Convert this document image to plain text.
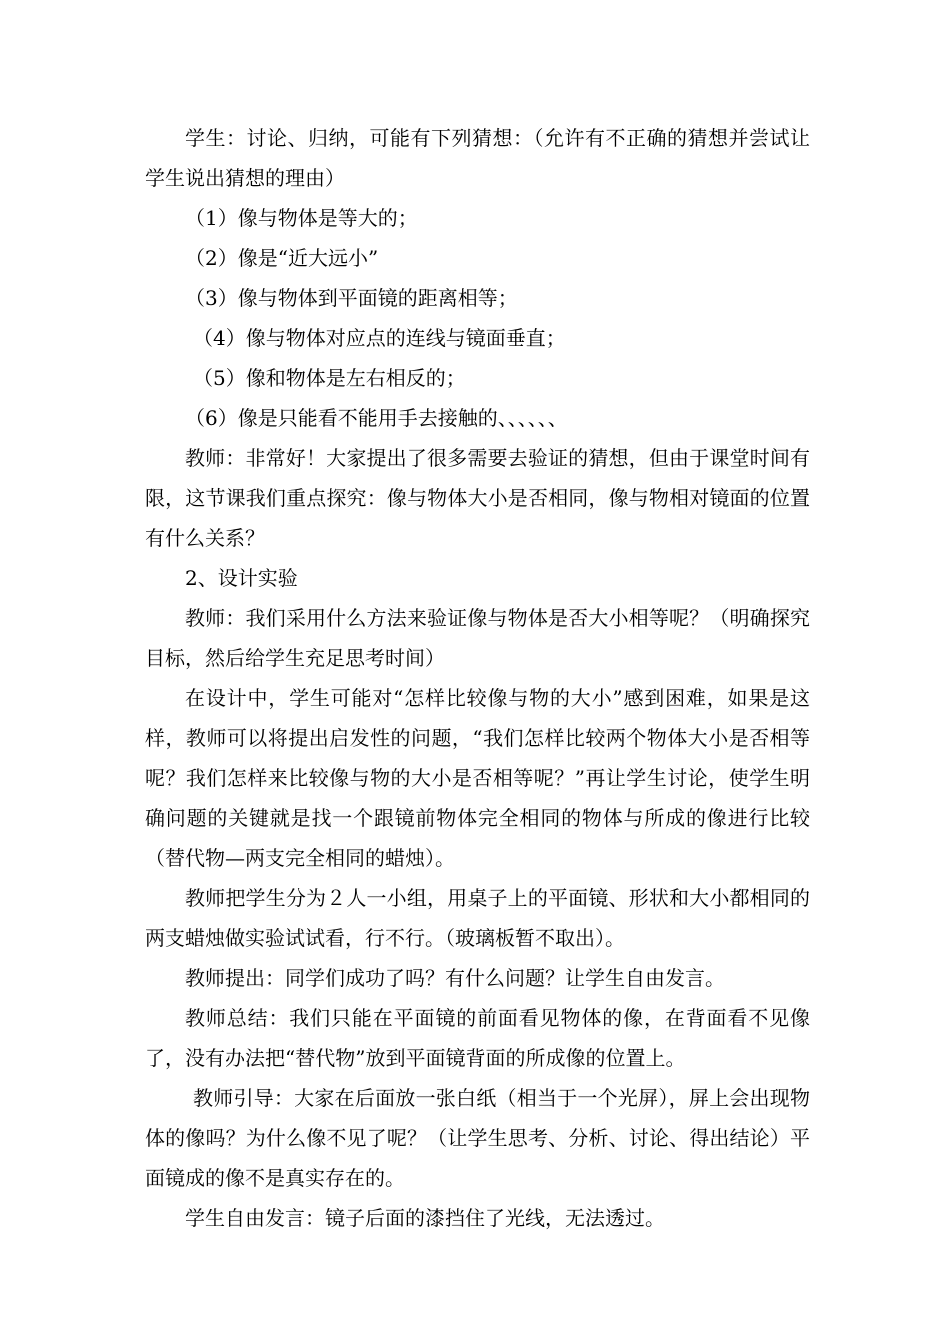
学生：讨论、归纳，可能有下列猜想：（允许有不正确的猜想并尝试让学生说出猜想的理由）

（1）像与物体是等大的；

（2）像是“近大远小”

（3）像与物体到平面镜的距离相等；

（4）像与物体对应点的连线与镜面垂直；

（5）像和物体是左右相反的；

（6）像是只能看不能用手去接触的、、、、、、

教师：非常好！大家提出了很多需要去验证的猜想，但由于课堂时间有限，这节课我们重点探究：像与物体大小是否相同，像与物相对镜面的位置有什么关系？

2、设计实验

教师：我们采用什么方法来验证像与物体是否大小相等呢？（明确探究目标，然后给学生充足思考时间）

在设计中，学生可能对“怎样比较像与物的大小”感到困难，如果是这样，教师可以将提出启发性的问题，“我们怎样比较两个物体大小是否相等呢？我们怎样来比较像与物的大小是否相等呢？”再让学生讨论，使学生明确问题的关键就是找一个跟镜前物体完全相同的物体与所成的像进行比较（替代物—两支完全相同的蜡烛）。

教师把学生分为２人一小组，用桌子上的平面镜、形状和大小都相同的两支蜡烛做实验试试看，行不行。（玻璃板暂不取出）。

教师提出：同学们成功了吗？有什么问题？让学生自由发言。

教师总结：我们只能在平面镜的前面看见物体的像，在背面看不见像了，没有办法把“替代物”放到平面镜背面的所成像的位置上。

教师引导：大家在后面放一张白纸（相当于一个光屏），屏上会出现物体的像吗？为什么像不见了呢？（让学生思考、分析、讨论、得出结论）平面镜成的像不是真实存在的。

学生自由发言：镜子后面的漆挡住了光线，无法透过。
